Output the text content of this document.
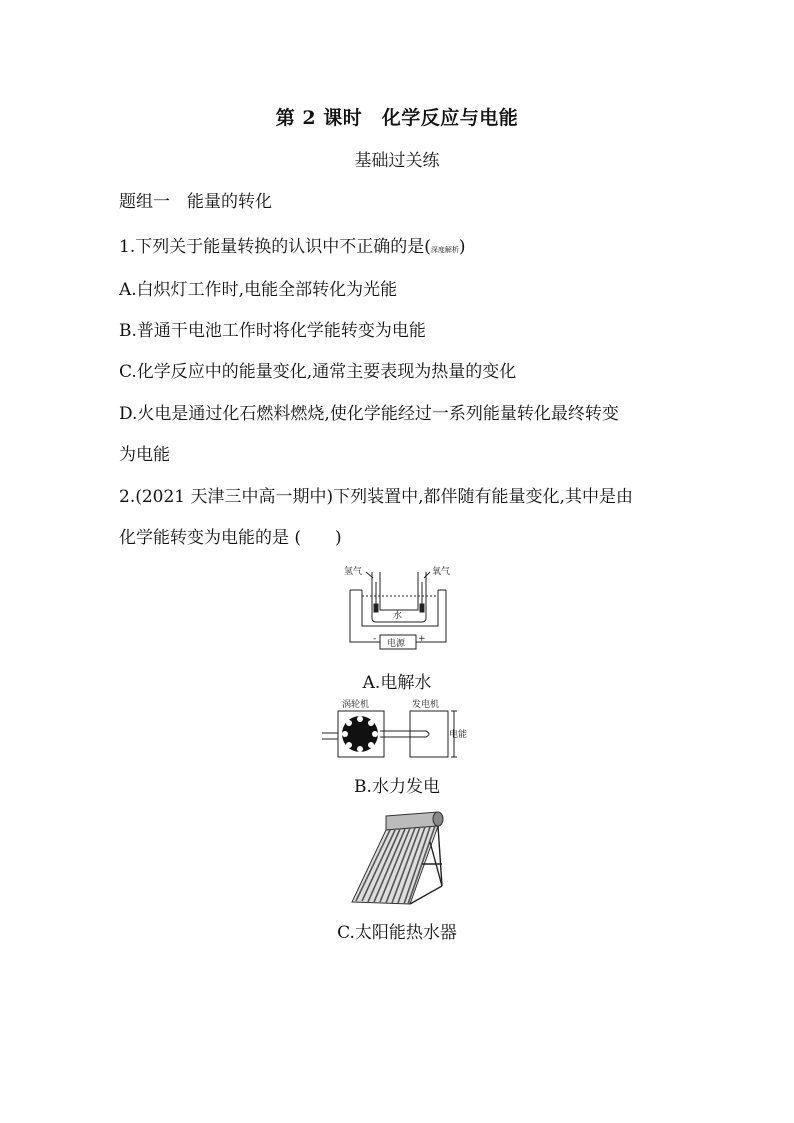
第 2 课时　化学反应与电能
基础过关练
题组一　能量的转化
1.下列关于能量转换的认识中不正确的是(深度解析)
A.白炽灯工作时,电能全部转化为光能
B.普通干电池工作时将化学能转变为电能
C.化学反应中的能量变化,通常主要表现为热量的变化
D.火电是通过化石燃料燃烧,使化学能经过一系列能量转化最终转变
为电能
2.(2021 天津三中高一期中)下列装置中,都伴随有能量变化,其中是由
化学能转变为电能的是 (　　)
氢气	氧气
水
电源
-	+
A.电解水
涡轮机	发电机
电能
B.水力发电
C.太阳能热水器
